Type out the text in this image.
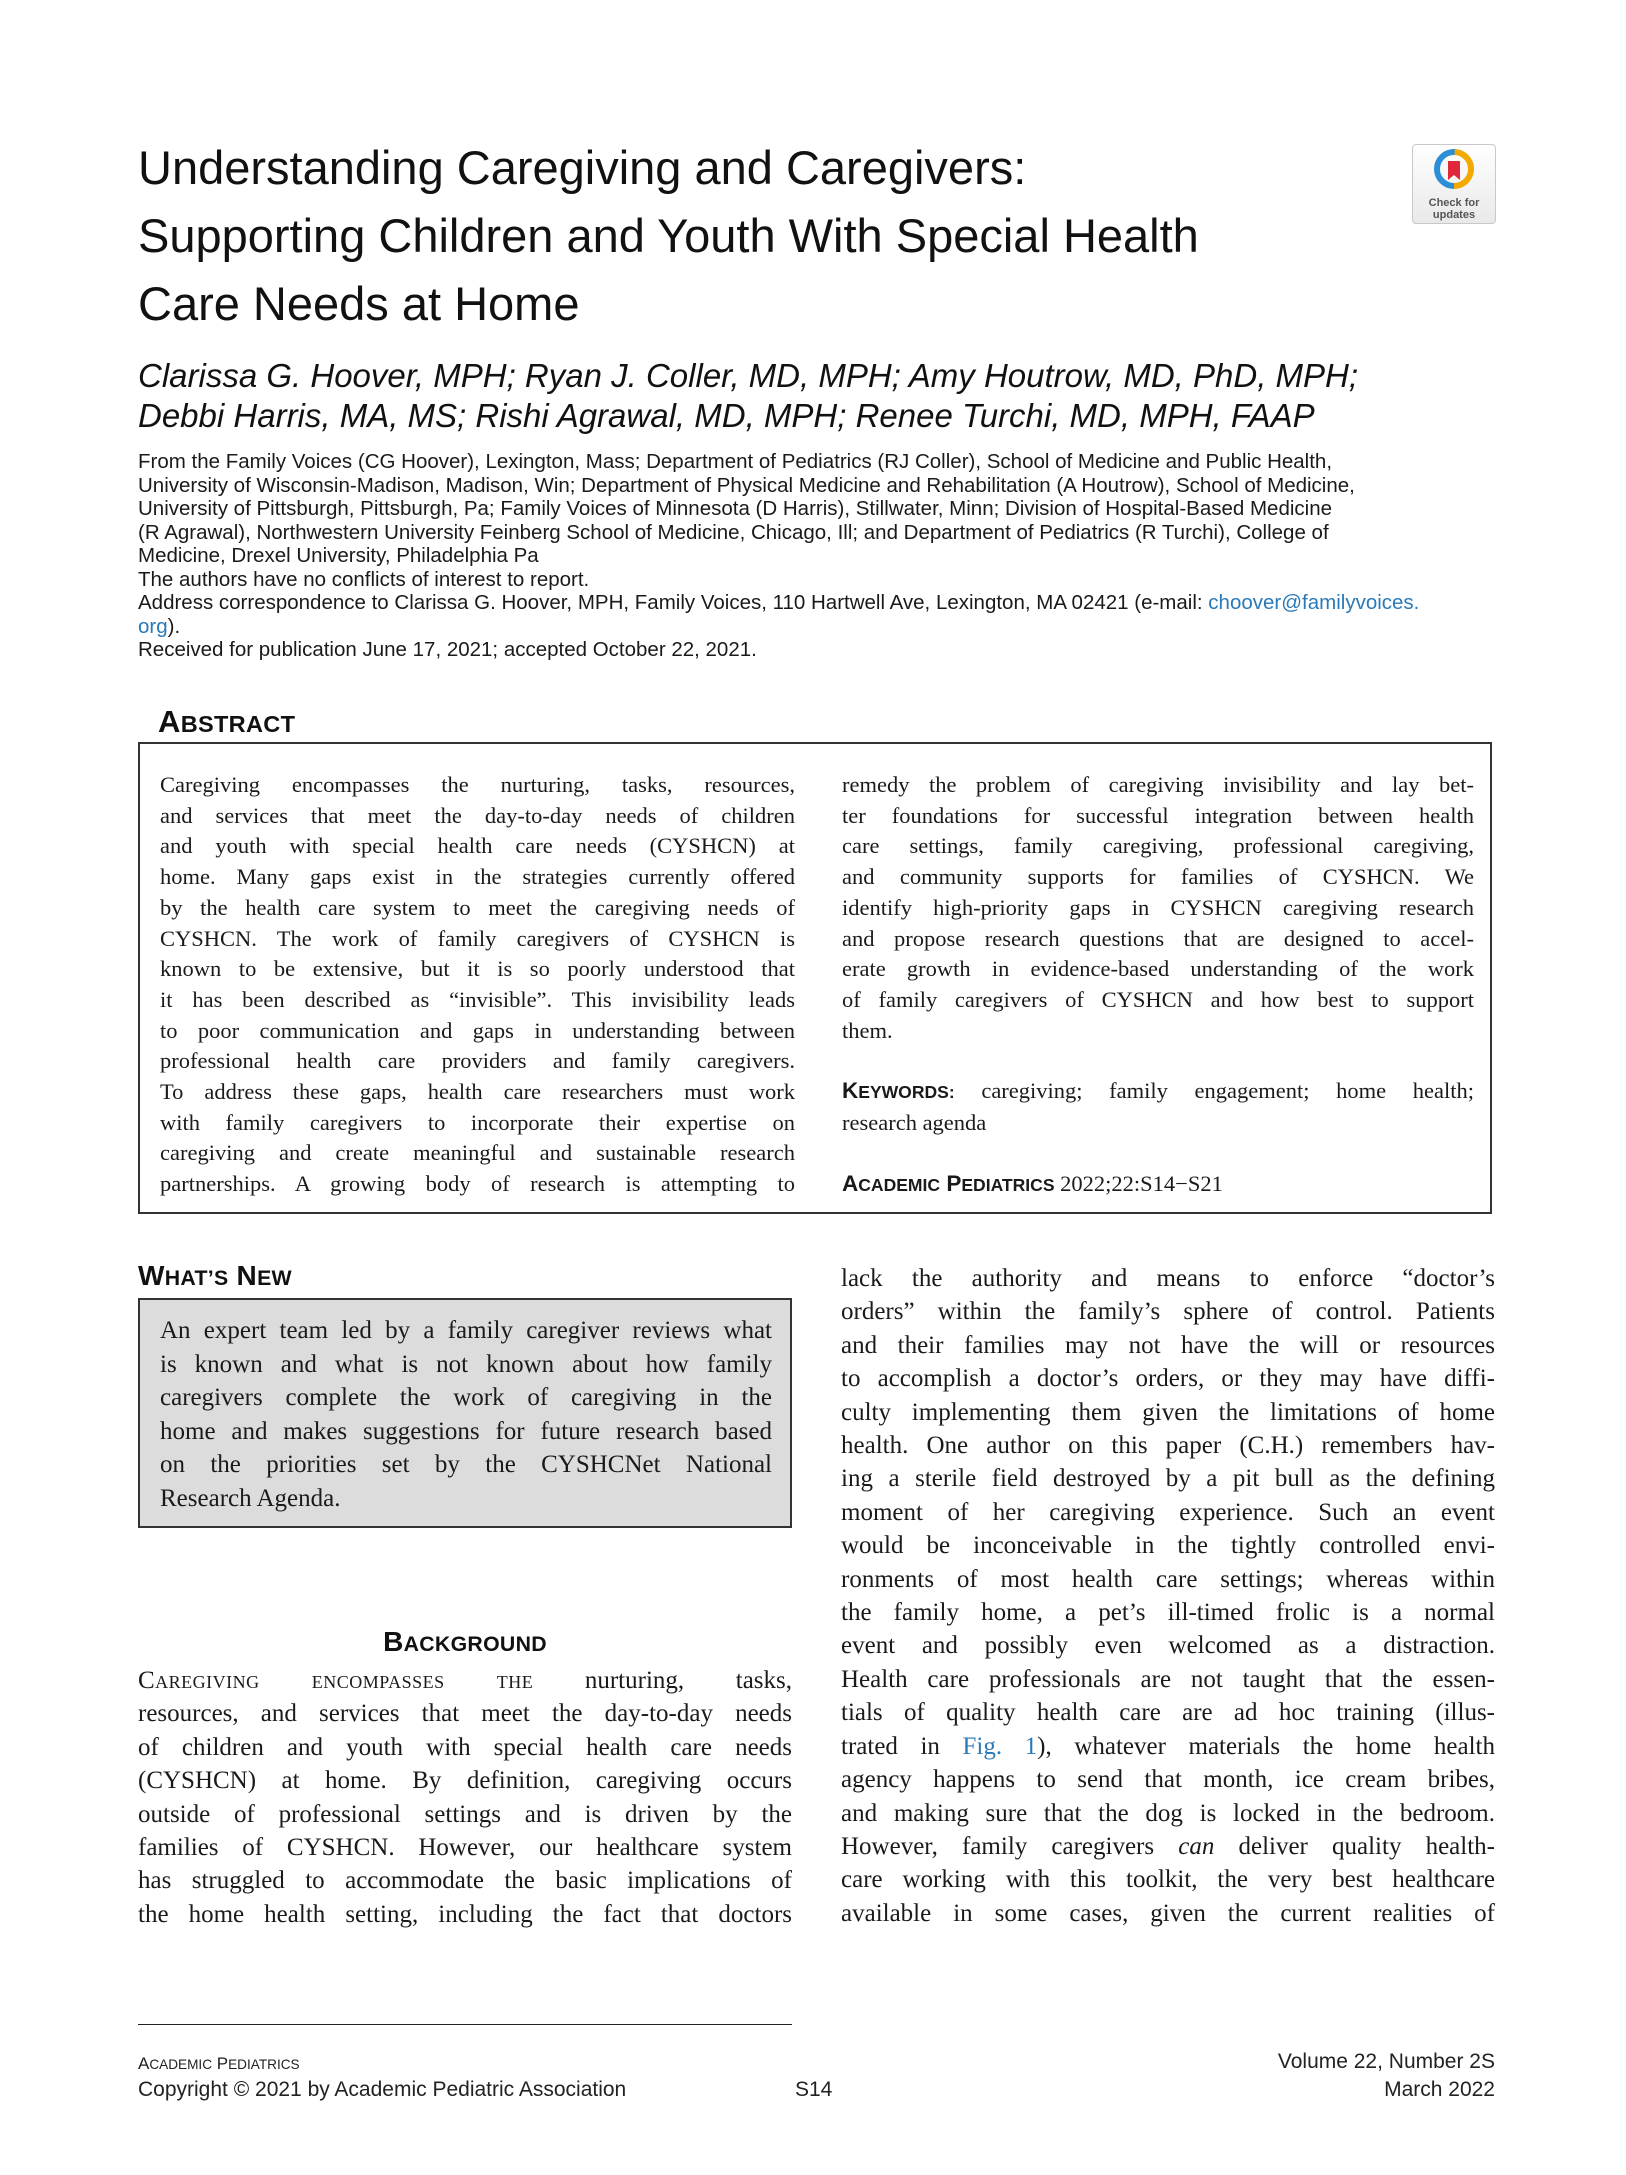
Understanding Caregiving and Caregivers:
Supporting Children and Youth With Special Health
Care Needs at Home
Check for
updates
Clarissa G. Hoover, MPH; Ryan J. Coller, MD, MPH; Amy Houtrow, MD, PhD, MPH;
Debbi Harris, MA, MS; Rishi Agrawal, MD, MPH; Renee Turchi, MD, MPH, FAAP
From the Family Voices (CG Hoover), Lexington, Mass; Department of Pediatrics (RJ Coller), School of Medicine and Public Health,
University of Wisconsin-Madison, Madison, Win; Department of Physical Medicine and Rehabilitation (A Houtrow), School of Medicine,
University of Pittsburgh, Pittsburgh, Pa; Family Voices of Minnesota (D Harris), Stillwater, Minn; Division of Hospital-Based Medicine
(R Agrawal), Northwestern University Feinberg School of Medicine, Chicago, Ill; and Department of Pediatrics (R Turchi), College of
Medicine, Drexel University, Philadelphia Pa
The authors have no conflicts of interest to report.
Address correspondence to Clarissa G. Hoover, MPH, Family Voices, 110 Hartwell Ave, Lexington, MA 02421 (e-mail: choover@familyvoices.
org).
Received for publication June 17, 2021; accepted October 22, 2021.
ABSTRACT
Caregiving encompasses the nurturing, tasks, resources,
and services that meet the day-to-day needs of children
and youth with special health care needs (CYSHCN) at
home. Many gaps exist in the strategies currently offered
by the health care system to meet the caregiving needs of
CYSHCN. The work of family caregivers of CYSHCN is
known to be extensive, but it is so poorly understood that
it has been described as “invisible”. This invisibility leads
to poor communication and gaps in understanding between
professional health care providers and family caregivers.
To address these gaps, health care researchers must work
with family caregivers to incorporate their expertise on
caregiving and create meaningful and sustainable research
partnerships. A growing body of research is attempting to
remedy the problem of caregiving invisibility and lay bet-
ter foundations for successful integration between health
care settings, family caregiving, professional caregiving,
and community supports for families of CYSHCN. We
identify high-priority gaps in CYSHCN caregiving research
and propose research questions that are designed to accel-
erate growth in evidence-based understanding of the work
of family caregivers of CYSHCN and how best to support
them.
KEYWORDS: caregiving; family engagement; home health;
research agenda
ACADEMIC PEDIATRICS 2022;22:S14−S21
WHAT’S NEW
An expert team led by a family caregiver reviews what
is known and what is not known about how family
caregivers complete the work of caregiving in the
home and makes suggestions for future research based
on the priorities set by the CYSHCNet National
Research Agenda.
BACKGROUND
Caregiving encompasses the nurturing, tasks,
resources, and services that meet the day-to-day needs
of children and youth with special health care needs
(CYSHCN) at home. By definition, caregiving occurs
outside of professional settings and is driven by the
families of CYSHCN. However, our healthcare system
has struggled to accommodate the basic implications of
the home health setting, including the fact that doctors
lack the authority and means to enforce “doctor’s
orders” within the family’s sphere of control. Patients
and their families may not have the will or resources
to accomplish a doctor’s orders, or they may have diffi-
culty implementing them given the limitations of home
health. One author on this paper (C.H.) remembers hav-
ing a sterile field destroyed by a pit bull as the defining
moment of her caregiving experience. Such an event
would be inconceivable in the tightly controlled envi-
ronments of most health care settings; whereas within
the family home, a pet’s ill-timed frolic is a normal
event and possibly even welcomed as a distraction.
Health care professionals are not taught that the essen-
tials of quality health care are ad hoc training (illus-
trated in Fig. 1), whatever materials the home health
agency happens to send that month, ice cream bribes,
and making sure that the dog is locked in the bedroom.
However, family caregivers can deliver quality health-
care working with this toolkit, the very best healthcare
available in some cases, given the current realities of
ACADEMIC PEDIATRICS
Copyright © 2021 by Academic Pediatric Association	S14
Volume 22, Number 2S
March 2022
